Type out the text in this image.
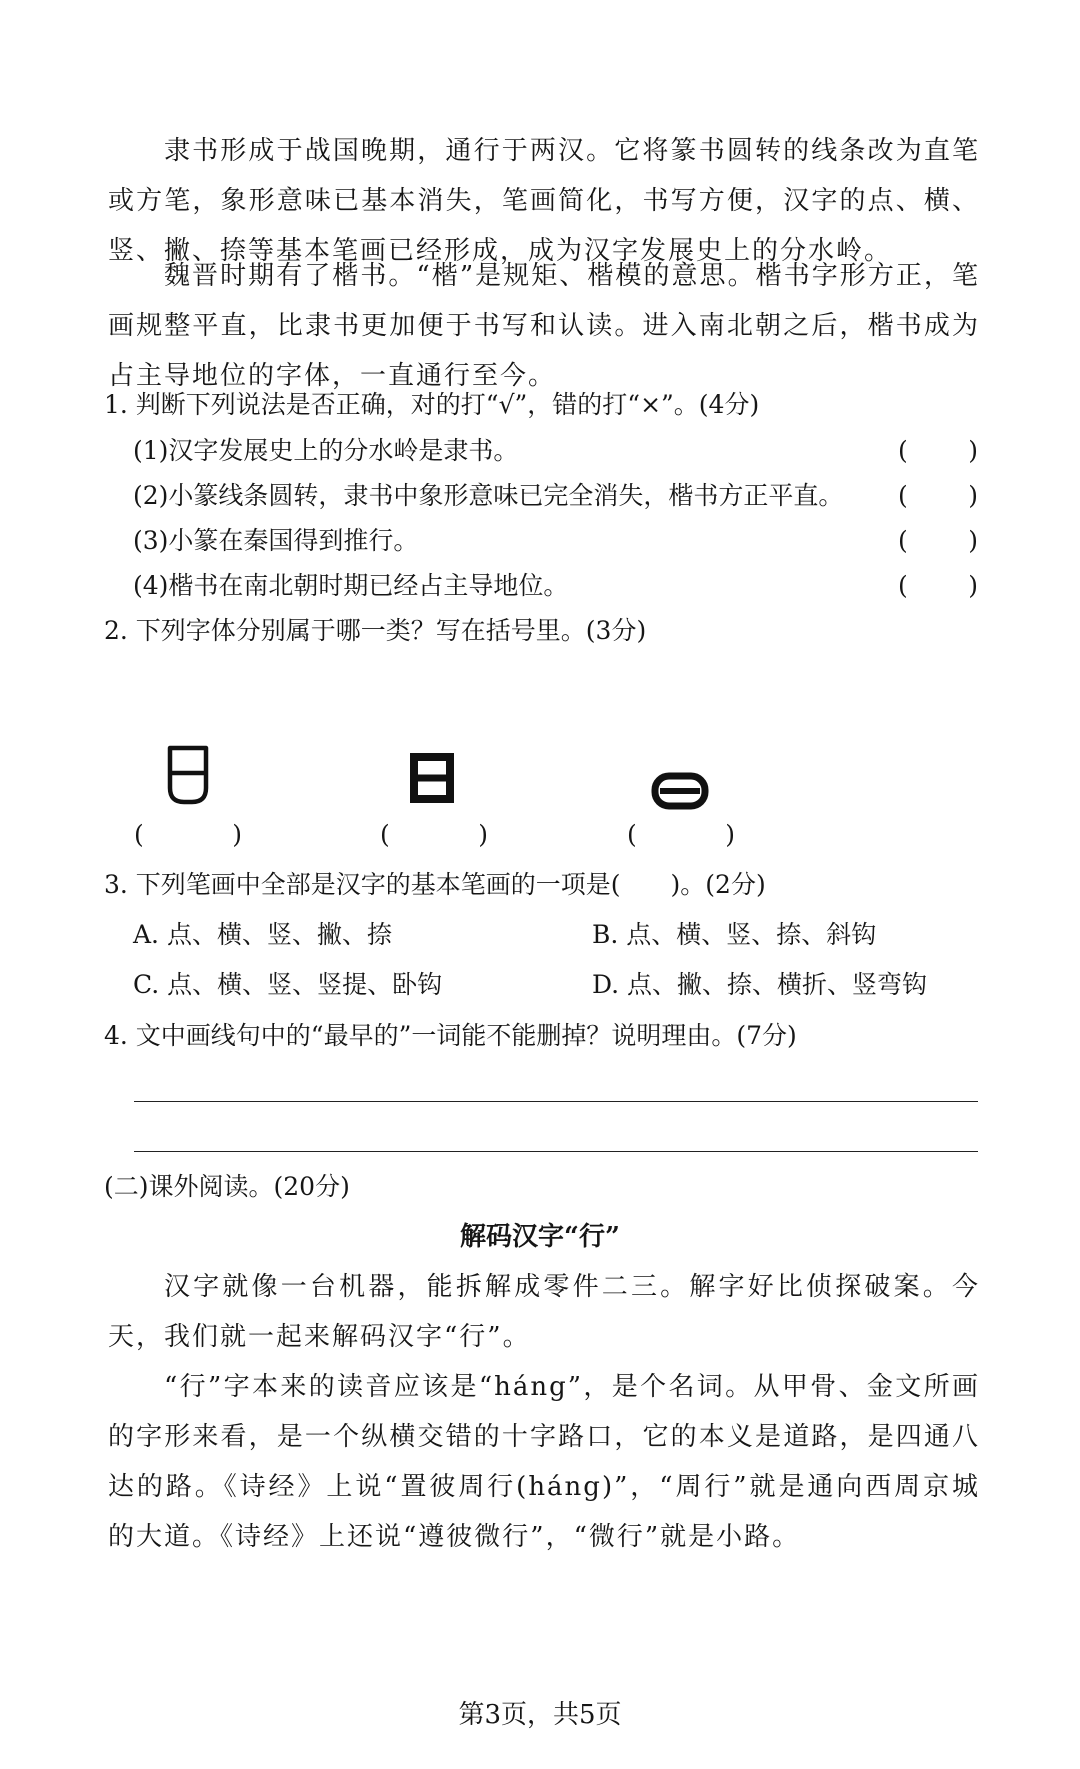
隶书形成于战国晚期，通行于两汉。它将篆书圆转的线条改为直笔或方笔，象形意味已基本消失，笔画简化，书写方便，汉字的点、横、竖、撇、捺等基本笔画已经形成，成为汉字发展史上的分水岭。

魏晋时期有了楷书。“楷”是规矩、楷模的意思。楷书字形方正，笔画规整平直，比隶书更加便于书写和认读。进入南北朝之后，楷书成为占主导地位的字体，一直通行至今。

1. 判断下列说法是否正确，对的打“√”，错的打“×”。(4分)
(1)汉字发展史上的分水岭是隶书。	( )
(2)小篆线条圆转，隶书中象形意味已完全消失，楷书方正平直。	( )
(3)小篆在秦国得到推行。	( )
(4)楷书在南北朝时期已经占主导地位。	( )
2. 下列字体分别属于哪一类？写在括号里。(3分)
(	)	(	)	(	)
3. 下列笔画中全部是汉字的基本笔画的一项是(　　)。(2分)
A. 点、横、竖、撇、捺	B. 点、横、竖、捺、斜钩
C. 点、横、竖、竖提、卧钩	D. 点、撇、捺、横折、竖弯钩
4. 文中画线句中的“最早的”一词能不能删掉？说明理由。(7分)
(二)课外阅读。(20分)
解码汉字“行”

汉字就像一台机器，能拆解成零件二三。解字好比侦探破案。今天，我们就一起来解码汉字“行”。

“行”字本来的读音应该是“háng”，是个名词。从甲骨、金文所画的字形来看，是一个纵横交错的十字路口，它的本义是道路，是四通八达的路。《诗经》上说“置彼周行(háng)”，“周行”就是通向西周京城的大道。《诗经》上还说“遵彼微行”，“微行”就是小路。

第3页，共5页
